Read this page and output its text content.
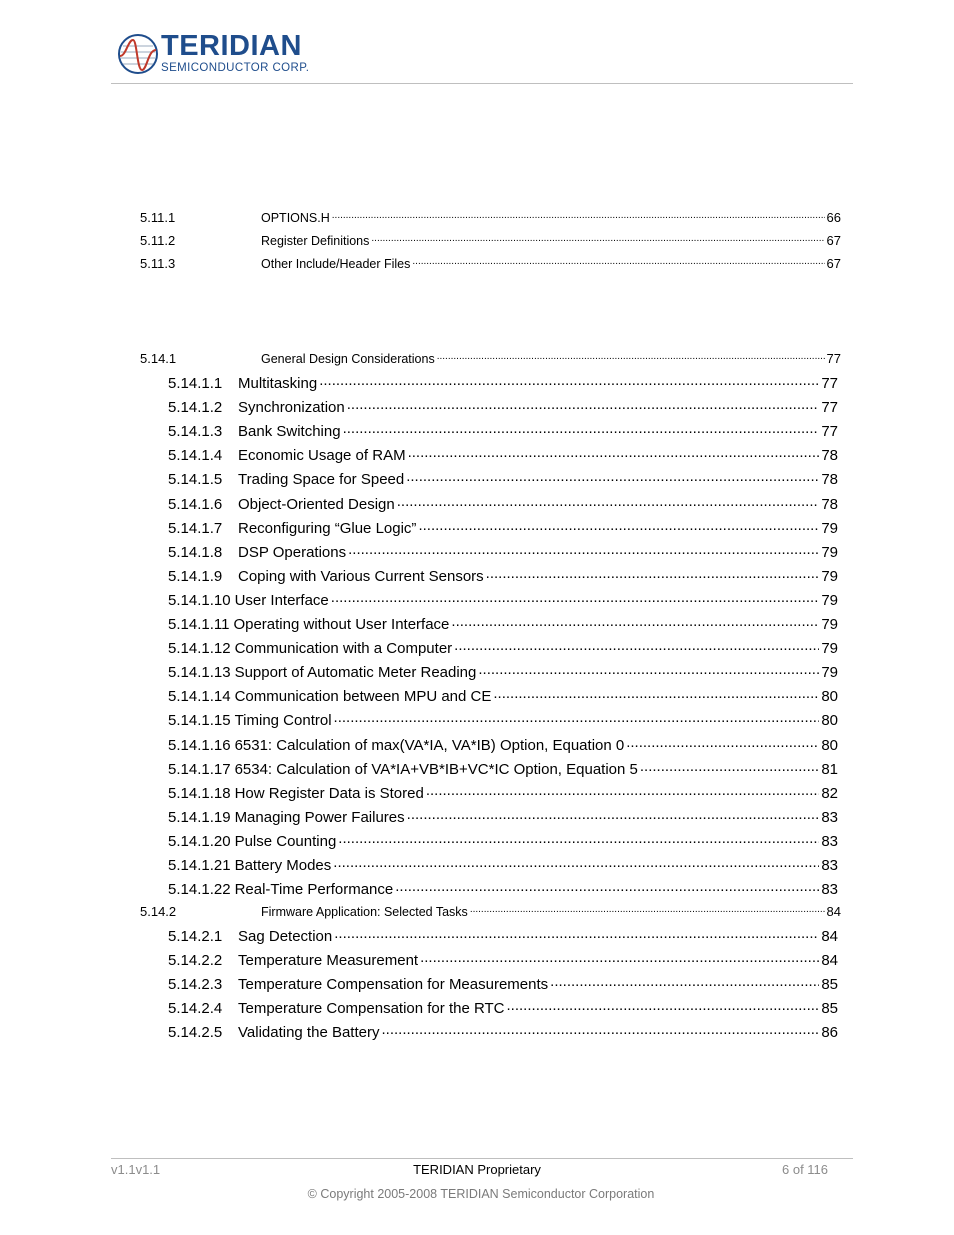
TERIDIAN
SEMICONDUCTOR CORP.
5.11.1	OPTIONS.H .....	66
5.11.2	Register Definitions .....	67
5.11.3	Other Include/Header Files .....	67
5.14.1	General Design Considerations .....	77
5.14.1.1	Multitasking .....	77
5.14.1.2	Synchronization .....	77
5.14.1.3	Bank Switching .....	77
5.14.1.4	Economic Usage of RAM .....	78
5.14.1.5	Trading Space for Speed .....	78
5.14.1.6	Object-Oriented Design .....	78
5.14.1.7	Reconfiguring “Glue Logic” .....	79
5.14.1.8	DSP Operations .....	79
5.14.1.9	Coping with Various Current Sensors .....	79
5.14.1.10 User Interface .....	79
5.14.1.11 Operating without User Interface .....	79
5.14.1.12 Communication with a Computer .....	79
5.14.1.13 Support of Automatic Meter Reading .....	79
5.14.1.14 Communication between MPU and CE .....	80
5.14.1.15 Timing Control .....	80
5.14.1.16 6531: Calculation of max(VA*IA, VA*IB) Option, Equation 0 .....	80
5.14.1.17 6534: Calculation of VA*IA+VB*IB+VC*IC Option, Equation 5 .....	81
5.14.1.18 How Register Data is Stored .....	82
5.14.1.19 Managing Power Failures .....	83
5.14.1.20 Pulse Counting .....	83
5.14.1.21 Battery Modes .....	83
5.14.1.22 Real-Time Performance .....	83
5.14.2	Firmware Application: Selected Tasks .....	84
5.14.2.1	Sag Detection .....	84
5.14.2.2	Temperature Measurement .....	84
5.14.2.3	Temperature Compensation for Measurements .....	85
5.14.2.4	Temperature Compensation for the RTC .....	85
5.14.2.5	Validating the Battery .....	86
v1.1v1.1	TERIDIAN Proprietary	6 of 116
© Copyright 2005-2008 TERIDIAN Semiconductor Corporation
